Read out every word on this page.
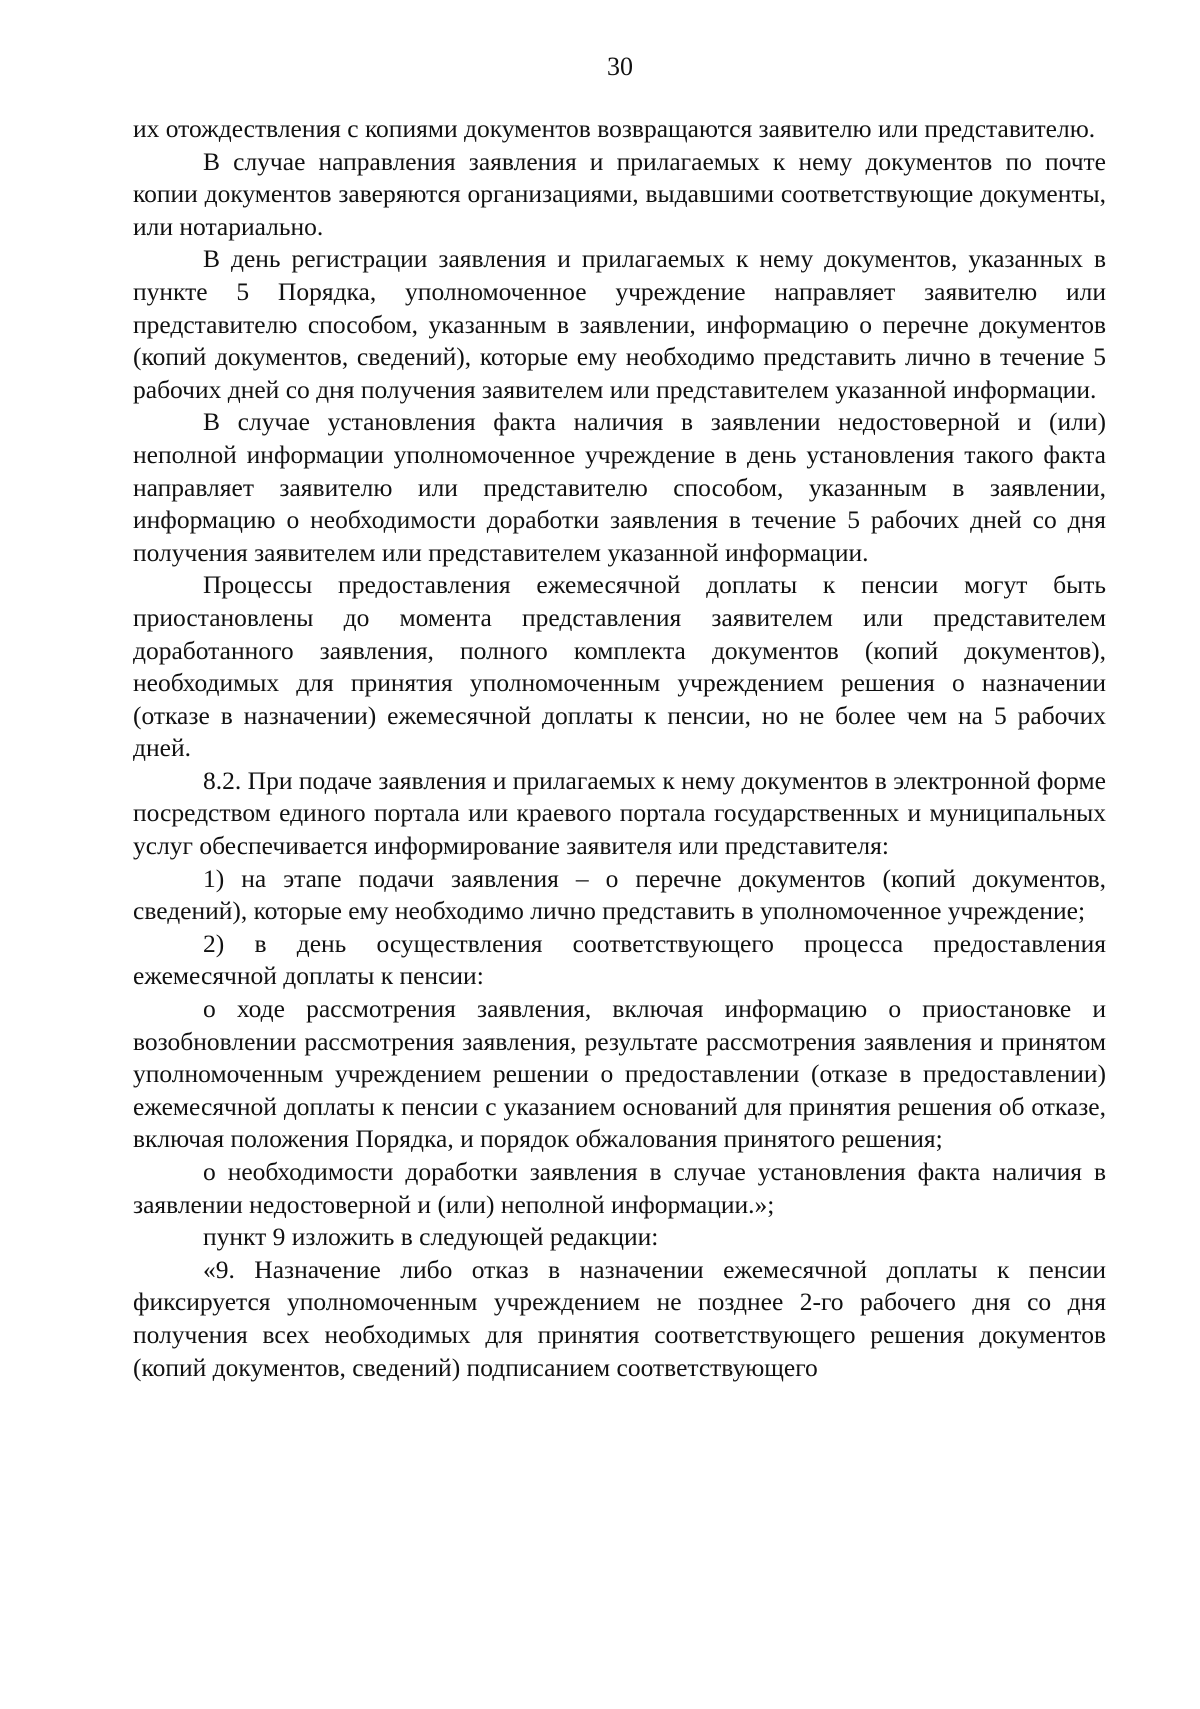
30

их отождествления с копиями документов возвращаются заявителю или представителю.

В случае направления заявления и прилагаемых к нему документов по почте копии документов заверяются организациями, выдавшими соответствующие документы, или нотариально.

В день регистрации заявления и прилагаемых к нему документов, указанных в пункте 5 Порядка, уполномоченное учреждение направляет заявителю или представителю способом, указанным в заявлении, информацию о перечне документов (копий документов, сведений), которые ему необходимо представить лично в течение 5 рабочих дней со дня получения заявителем или представителем указанной информации.

В случае установления факта наличия в заявлении недостоверной и (или) неполной информации уполномоченное учреждение в день установления такого факта направляет заявителю или представителю способом, указанным в заявлении, информацию о необходимости доработки заявления в течение 5 рабочих дней со дня получения заявителем или представителем указанной информации.

Процессы предоставления ежемесячной доплаты к пенсии могут быть приостановлены до момента представления заявителем или представителем доработанного заявления, полного комплекта документов (копий документов), необходимых для принятия уполномоченным учреждением решения о назначении (отказе в назначении) ежемесячной доплаты к пенсии, но не более чем на 5 рабочих дней.

8.2. При подаче заявления и прилагаемых к нему документов в электронной форме посредством единого портала или краевого портала государственных и муниципальных услуг обеспечивается информирование заявителя или представителя:

1) на этапе подачи заявления – о перечне документов (копий документов, сведений), которые ему необходимо лично представить в уполномоченное учреждение;

2) в день осуществления соответствующего процесса предоставления ежемесячной доплаты к пенсии:

о ходе рассмотрения заявления, включая информацию о приостановке и возобновлении рассмотрения заявления, результате рассмотрения заявления и принятом уполномоченным учреждением решении о предоставлении (отказе в предоставлении) ежемесячной доплаты к пенсии с указанием оснований для принятия решения об отказе, включая положения Порядка, и порядок обжалования принятого решения;

о необходимости доработки заявления в случае установления факта наличия в заявлении недостоверной и (или) неполной информации.»;

пункт 9 изложить в следующей редакции:

«9. Назначение либо отказ в назначении ежемесячной доплаты к пенсии фиксируется уполномоченным учреждением не позднее 2-го рабочего дня со дня получения всех необходимых для принятия соответствующего решения документов (копий документов, сведений) подписанием соответствующего
